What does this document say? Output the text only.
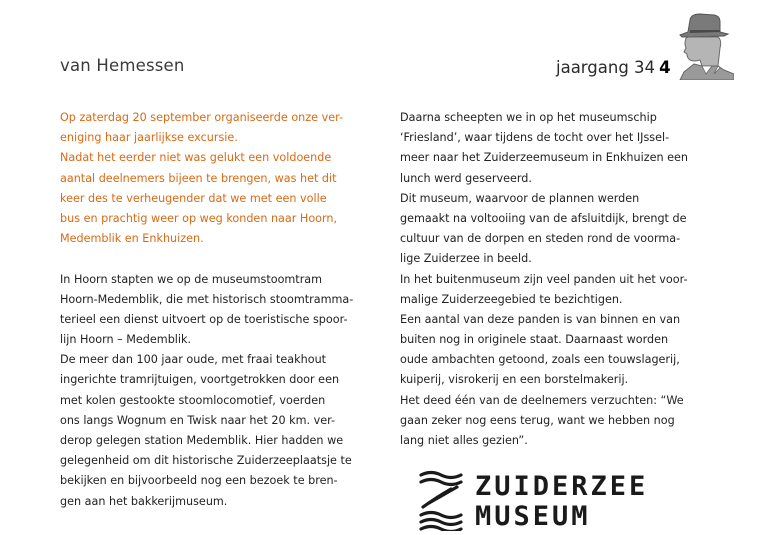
van Hemessen	jaargang 34 4
Op zaterdag 20 september organiseerde onze ver-
eniging haar jaarlijkse excursie.
Nadat het eerder niet was gelukt een voldoende
aantal deelnemers bijeen te brengen, was het dit
keer des te verheugender dat we met een volle
bus en prachtig weer op weg konden naar Hoorn,
Medemblik en Enkhuizen.
In Hoorn stapten we op de museumstoomtram
Hoorn-Medemblik, die met historisch stoomtramma-
terieel een dienst uitvoert op de toeristische spoor-
lijn Hoorn – Medemblik.
De meer dan 100 jaar oude, met fraai teakhout
ingerichte tramrijtuigen, voortgetrokken door een
met kolen gestookte stoomlocomotief, voerden
ons langs Wognum en Twisk naar het 20 km. ver-
derop gelegen station Medemblik. Hier hadden we
gelegenheid om dit historische Zuiderzeeplaatsje te
bekijken en bijvoorbeeld nog een bezoek te bren-
gen aan het bakkerijmuseum.
Daarna scheepten we in op het museumschip
‘Friesland’, waar tijdens de tocht over het IJssel-
meer naar het Zuiderzeemuseum in Enkhuizen een
lunch werd geserveerd.
Dit museum, waarvoor de plannen werden
gemaakt na voltooiing van de afsluitdijk, brengt de
cultuur van de dorpen en steden rond de voorma-
lige Zuiderzee in beeld.
In het buitenmuseum zijn veel panden uit het voor-
malige Zuiderzeegebied te bezichtigen.
Een aantal van deze panden is van binnen en van
buiten nog in originele staat. Daarnaast worden
oude ambachten getoond, zoals een touwslagerij,
kuiperij, visrokerij en een borstelmakerij.
Het deed één van de deelnemers verzuchten: “We
gaan zeker nog eens terug, want we hebben nog
lang niet alles gezien”.
ZUIDERZEE
MUSEUM
